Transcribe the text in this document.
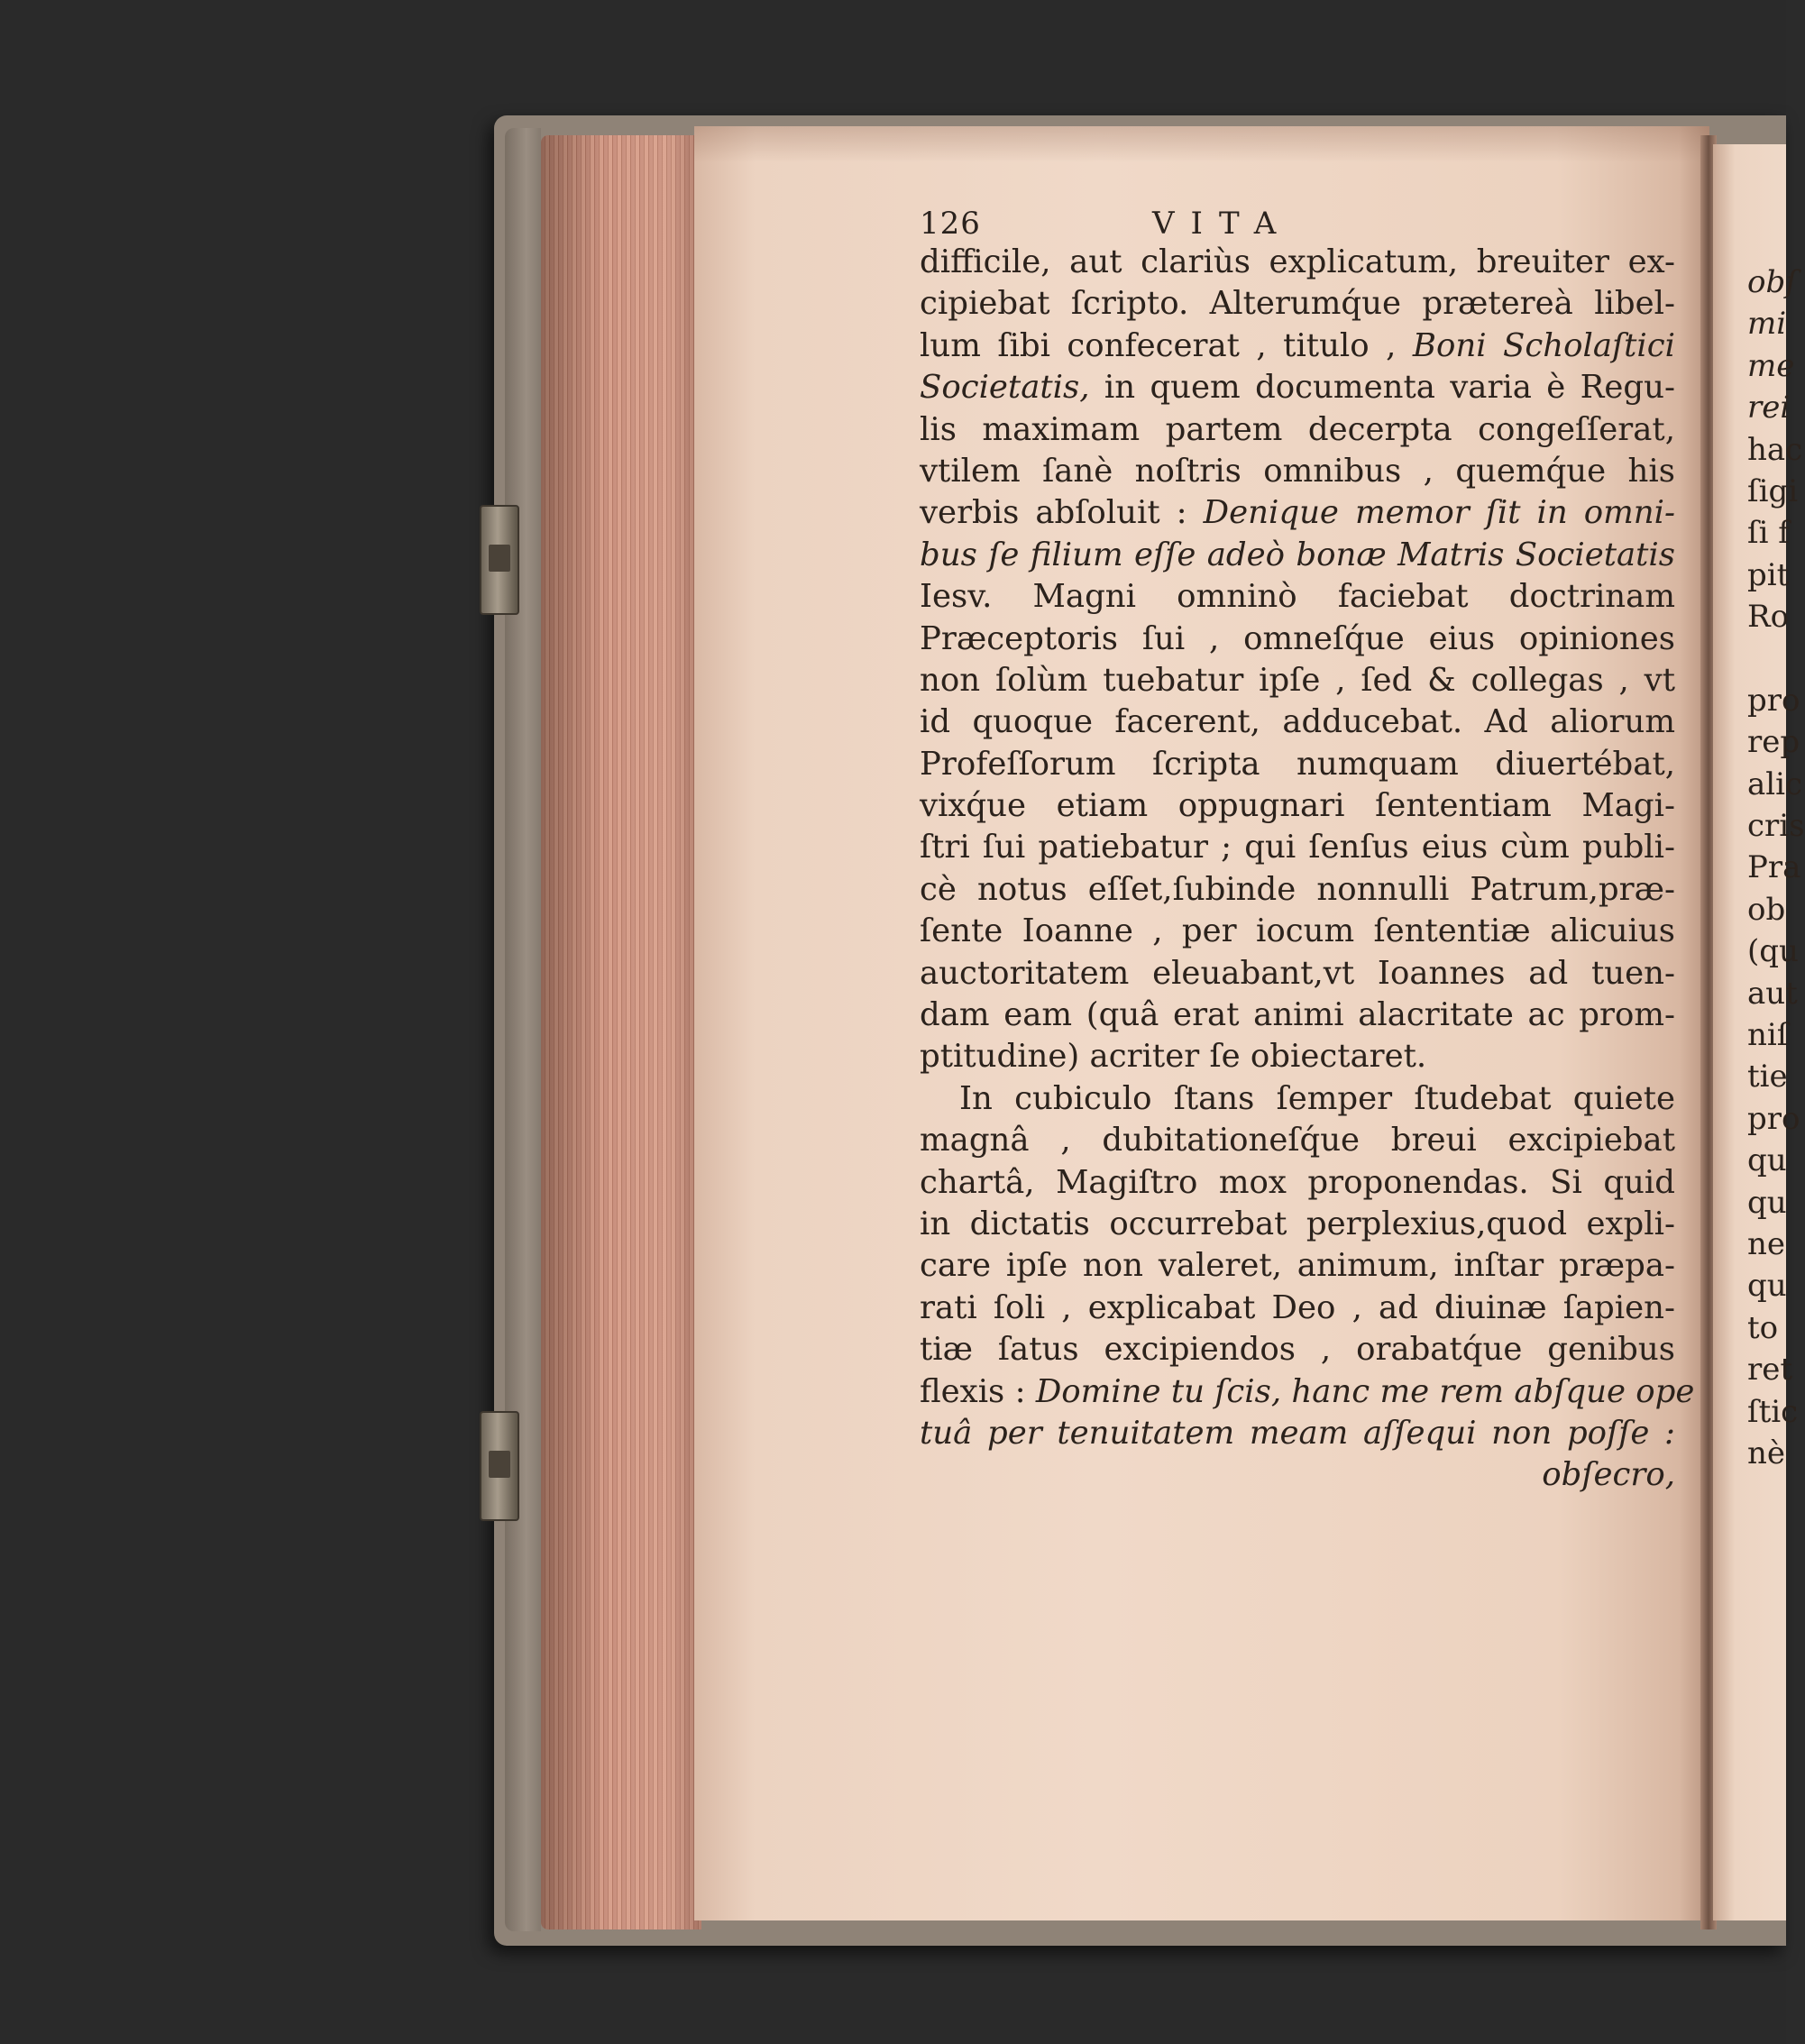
126	VITA
difficile, aut clariùs explicatum, breuiter ex-
cipiebat ſcripto. Alterumq́ue prætereà libel-
lum ſibi confecerat , titulo , Boni Scholaſtici
Societatis, in quem documenta varia è Regu-
lis maximam partem decerpta congeſſerat,
vtilem ſanè noſtris omnibus , quemq́ue his
verbis abſoluit : Denique memor ſit in omni-
bus ſe filium eſſe adeò bonæ Matris Societatis
Iesv. Magni omninò faciebat doctrinam
Præceptoris ſui , omneſq́ue eius opiniones
non ſolùm tuebatur ipſe , ſed & collegas , vt
id quoque facerent, adducebat. Ad aliorum
Profeſſorum ſcripta numquam diuertébat,
vixq́ue etiam oppugnari ſententiam Magi-
ſtri ſui patiebatur ; qui ſenſus eius cùm publi-
cè notus eſſet,ſubinde nonnulli Patrum,præ-
ſente Ioanne , per iocum ſententiæ alicuius
auctoritatem eleuabant,vt Ioannes ad tuen-
dam eam (quâ erat animi alacritate ac prom-
ptitudine) acriter ſe obiectaret.
In cubiculo ſtans ſemper ſtudebat quiete
magnâ , dubitationeſq́ue breui excipiebat
chartâ, Magiſtro mox proponendas. Si quid
in dictatis occurrebat perplexius,quod expli-
care ipſe non valeret, animum, inſtar præpa-
rati ſoli , explicabat Deo , ad diuinæ ſapien-
tiæ ſatus excipiendos , orabatq́ue genibus
flexis : Domine tu ſcis, hanc me rem abſque ope
tuâ per tenuitatem meam aſſequi non poſſe :
obſecro,
obſ
mi
me
rei
hac
ſigi
ſi f
pit
Ro
pro
rep
alic
cris
Pra
ob
(qu
aut
niſ
tie
pro
qu
qu
ne
qu
to
ret
ſtic
nè
